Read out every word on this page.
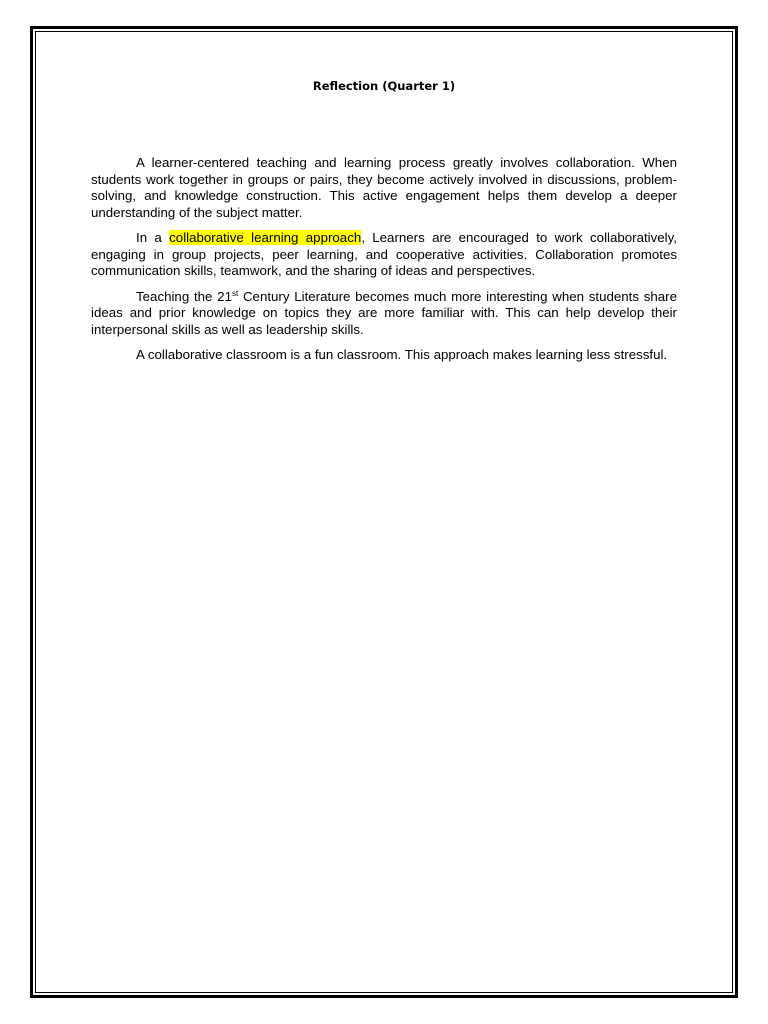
Reflection (Quarter 1)

A learner-centered teaching and learning process greatly involves collaboration. When students work together in groups or pairs, they become actively involved in discussions, problem-solving, and knowledge construction. This active engagement helps them develop a deeper understanding of the subject matter.

In a collaborative learning approach, Learners are encouraged to work collaboratively, engaging in group projects, peer learning, and cooperative activities. Collaboration promotes communication skills, teamwork, and the sharing of ideas and perspectives.

Teaching the 21st Century Literature becomes much more interesting when students share ideas and prior knowledge on topics they are more familiar with. This can help develop their interpersonal skills as well as leadership skills.

A collaborative classroom is a fun classroom. This approach makes learning less stressful.
